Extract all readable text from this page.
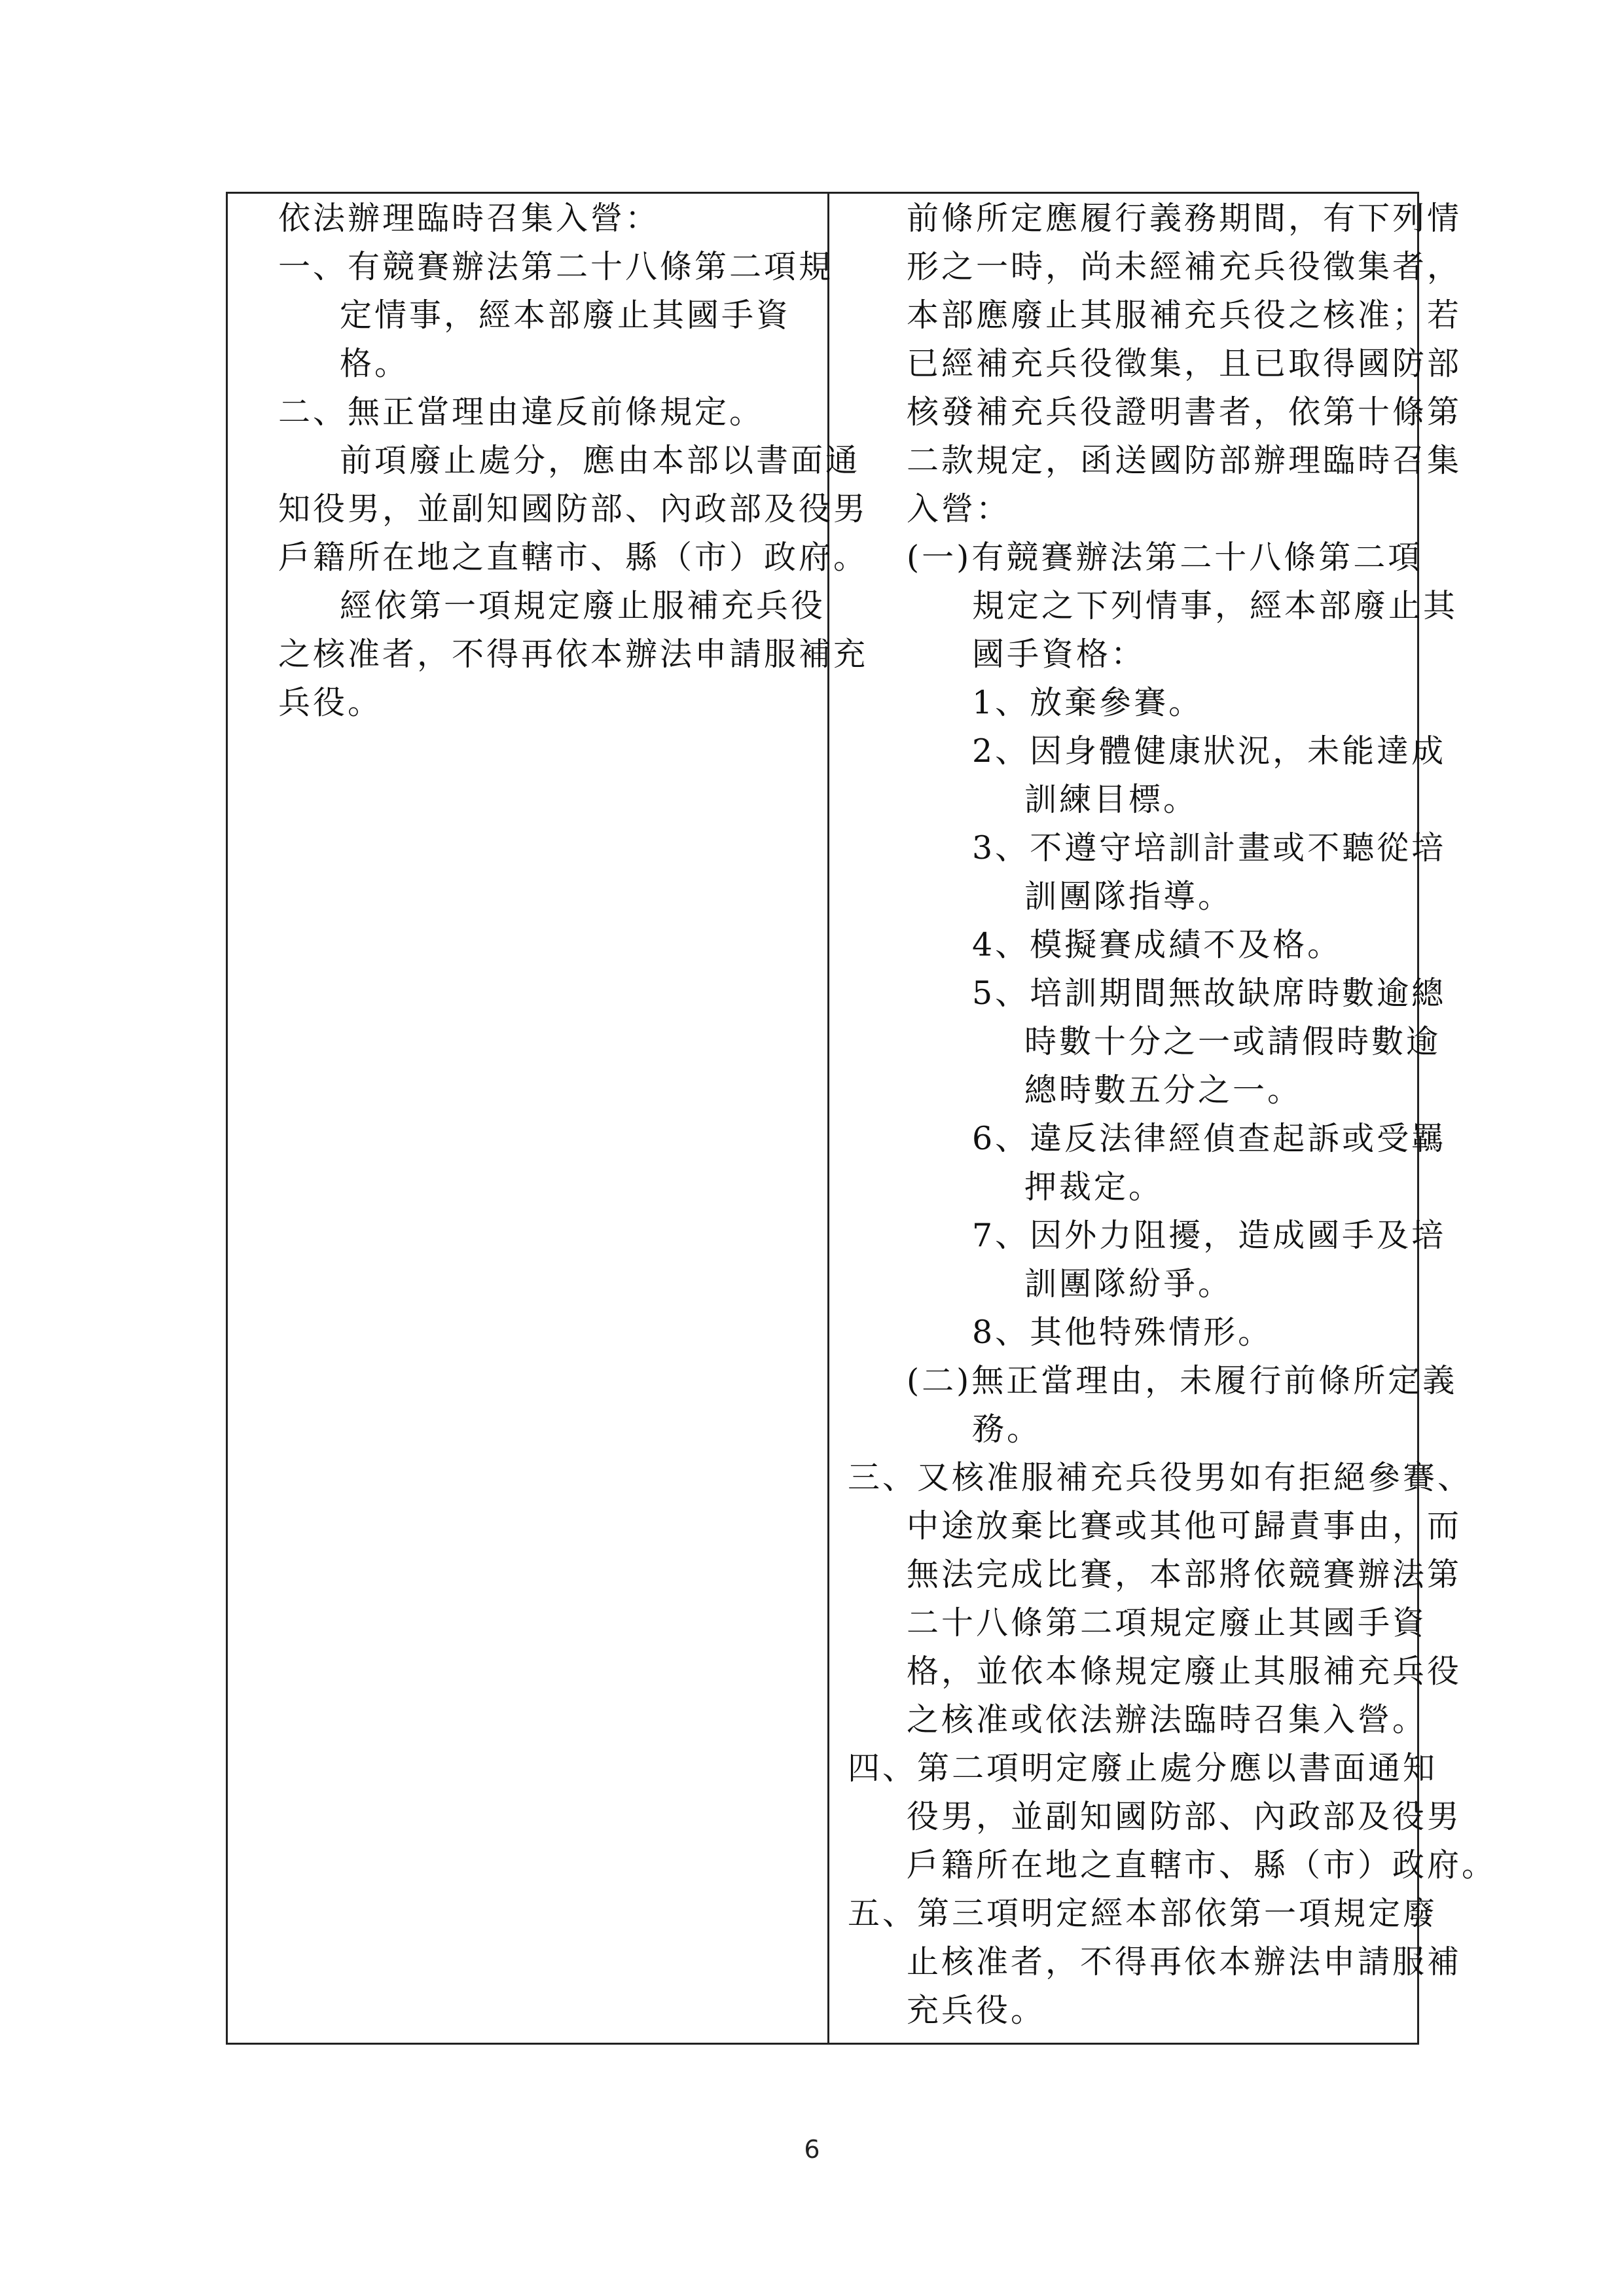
依法辦理臨時召集入營：
一、有競賽辦法第二十八條第二項規
定情事，經本部廢止其國手資
格。
二、無正當理由違反前條規定。
前項廢止處分，應由本部以書面通
知役男，並副知國防部、內政部及役男
戶籍所在地之直轄市、縣（市）政府。
經依第一項規定廢止服補充兵役
之核准者，不得再依本辦法申請服補充
兵役。
前條所定應履行義務期間，有下列情
形之一時，尚未經補充兵役徵集者，
本部應廢止其服補充兵役之核准；若
已經補充兵役徵集，且已取得國防部
核發補充兵役證明書者，依第十條第
二款規定，函送國防部辦理臨時召集
入營：
(一)有競賽辦法第二十八條第二項
規定之下列情事，經本部廢止其
國手資格：
1、放棄參賽。
2、因身體健康狀況，未能達成
訓練目標。
3、不遵守培訓計畫或不聽從培
訓團隊指導。
4、模擬賽成績不及格。
5、培訓期間無故缺席時數逾總
時數十分之一或請假時數逾
總時數五分之一。
6、違反法律經偵查起訴或受羈
押裁定。
7、因外力阻擾，造成國手及培
訓團隊紛爭。
8、其他特殊情形。
(二)無正當理由，未履行前條所定義
務。
三、又核准服補充兵役男如有拒絕參賽、
中途放棄比賽或其他可歸責事由，而
無法完成比賽，本部將依競賽辦法第
二十八條第二項規定廢止其國手資
格，並依本條規定廢止其服補充兵役
之核准或依法辦法臨時召集入營。
四、第二項明定廢止處分應以書面通知
役男，並副知國防部、內政部及役男
戶籍所在地之直轄市、縣（市）政府。
五、第三項明定經本部依第一項規定廢
止核准者，不得再依本辦法申請服補
充兵役。
6
